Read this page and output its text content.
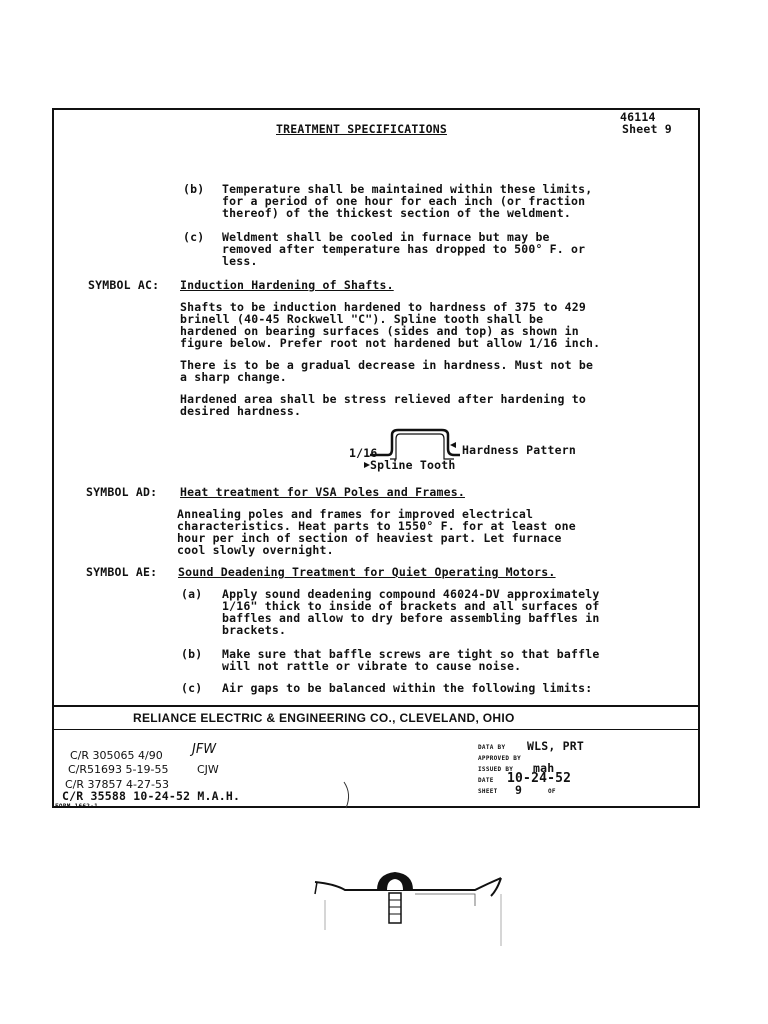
46114
Sheet 9
TREATMENT SPECIFICATIONS
(b) Temperature shall be maintained within these limits,
for a period of one hour for each inch (or fraction
thereof) of the thickest section of the weldment.
(c) Weldment shall be cooled in furnace but may be
removed after temperature has dropped to 500° F. or
less.
SYMBOL AC: Induction Hardening of Shafts.
Shafts to be induction hardened to hardness of 375 to 429
brinell (40-45 Rockwell "C"). Spline tooth shall be
hardened on bearing surfaces (sides and top) as shown in
figure below. Prefer root not hardened but allow 1/16 inch.
There is to be a gradual decrease in hardness. Must not be
a sharp change.
Hardened area shall be stress relieved after hardening to
desired hardness.
1/16	Hardness Pattern
Spline Tooth
SYMBOL AD: Heat treatment for VSA Poles and Frames.
Annealing poles and frames for improved electrical
characteristics. Heat parts to 1550° F. for at least one
hour per inch of section of heaviest part. Let furnace
cool slowly overnight.
SYMBOL AE: Sound Deadening Treatment for Quiet Operating Motors.
(a) Apply sound deadening compound 46024-DV approximately
1/16" thick to inside of brackets and all surfaces of
baffles and allow to dry before assembling baffles in
brackets.
(b) Make sure that baffle screws are tight so that baffle
will not rattle or vibrate to cause noise.
(c) Air gaps to be balanced within the following limits:
RELIANCE ELECTRIC & ENGINEERING CO., CLEVELAND, OHIO
C/R 305065 4/90 JFW
C/R51693 5-19-55	CJW
C/R 37857 4-27-53
C/R 35588 10-24-52 M.A.H.
FORM 1662-1
DATA BY WLS, PRT
APPROVED BY
ISSUED BY mah
DATE 10-24-52
SHEET 9	OF
